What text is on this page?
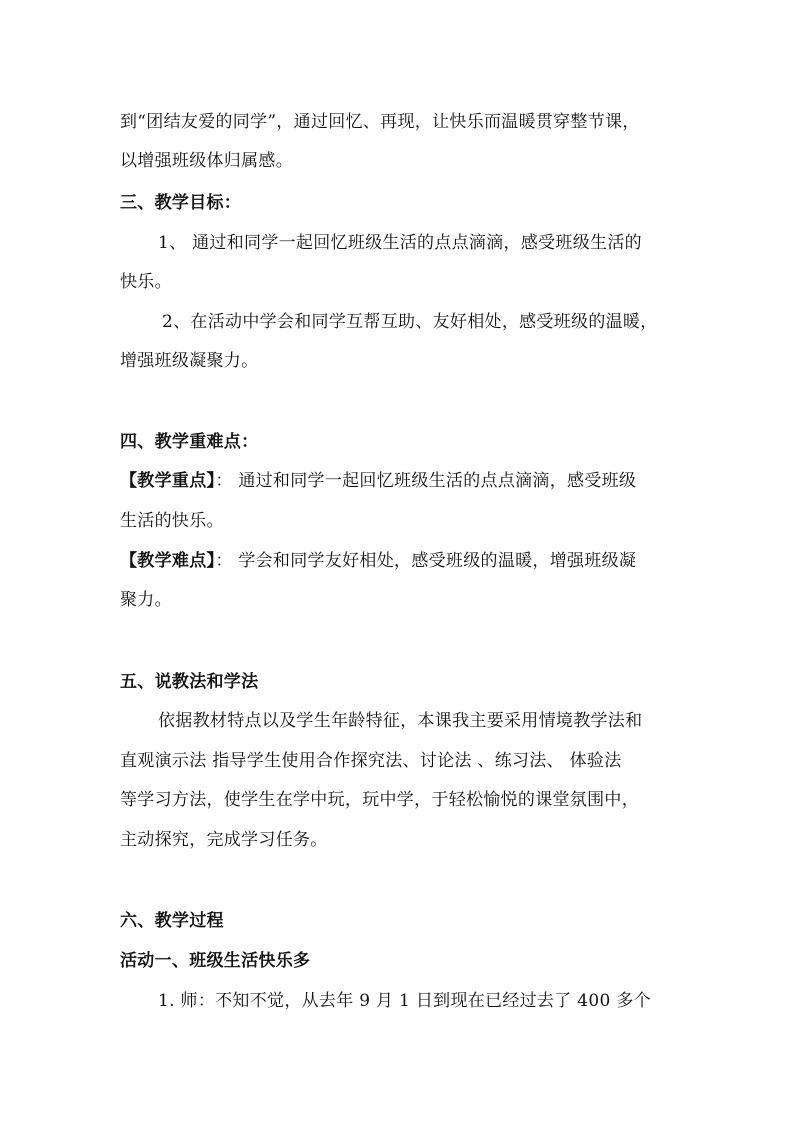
到“团结友爱的同学”，通过回忆、再现，让快乐而温暖贯穿整节课，
以增强班级体归属感。
三、教学目标：
1、 通过和同学一起回忆班级生活的点点滴滴，感受班级生活的
快乐。
2、在活动中学会和同学互帮互助、友好相处，感受班级的温暖，
增强班级凝聚力。
四、教学重难点：
【教学重点】： 通过和同学一起回忆班级生活的点点滴滴，感受班级
生活的快乐。
【教学难点】： 学会和同学友好相处，感受班级的温暖，增强班级凝
聚力。
五、说教法和学法
依据教材特点以及学生年龄特征，本课我主要采用情境教学法和
直观演示法 指导学生使用合作探究法、讨论法 、练习法、 体验法
等学习方法，使学生在学中玩，玩中学，于轻松愉悦的课堂氛围中，
主动探究，完成学习任务。
六、教学过程
活动一、班级生活快乐多
1. 师：不知不觉，从去年 9 月 1 日到现在已经过去了 400 多个
